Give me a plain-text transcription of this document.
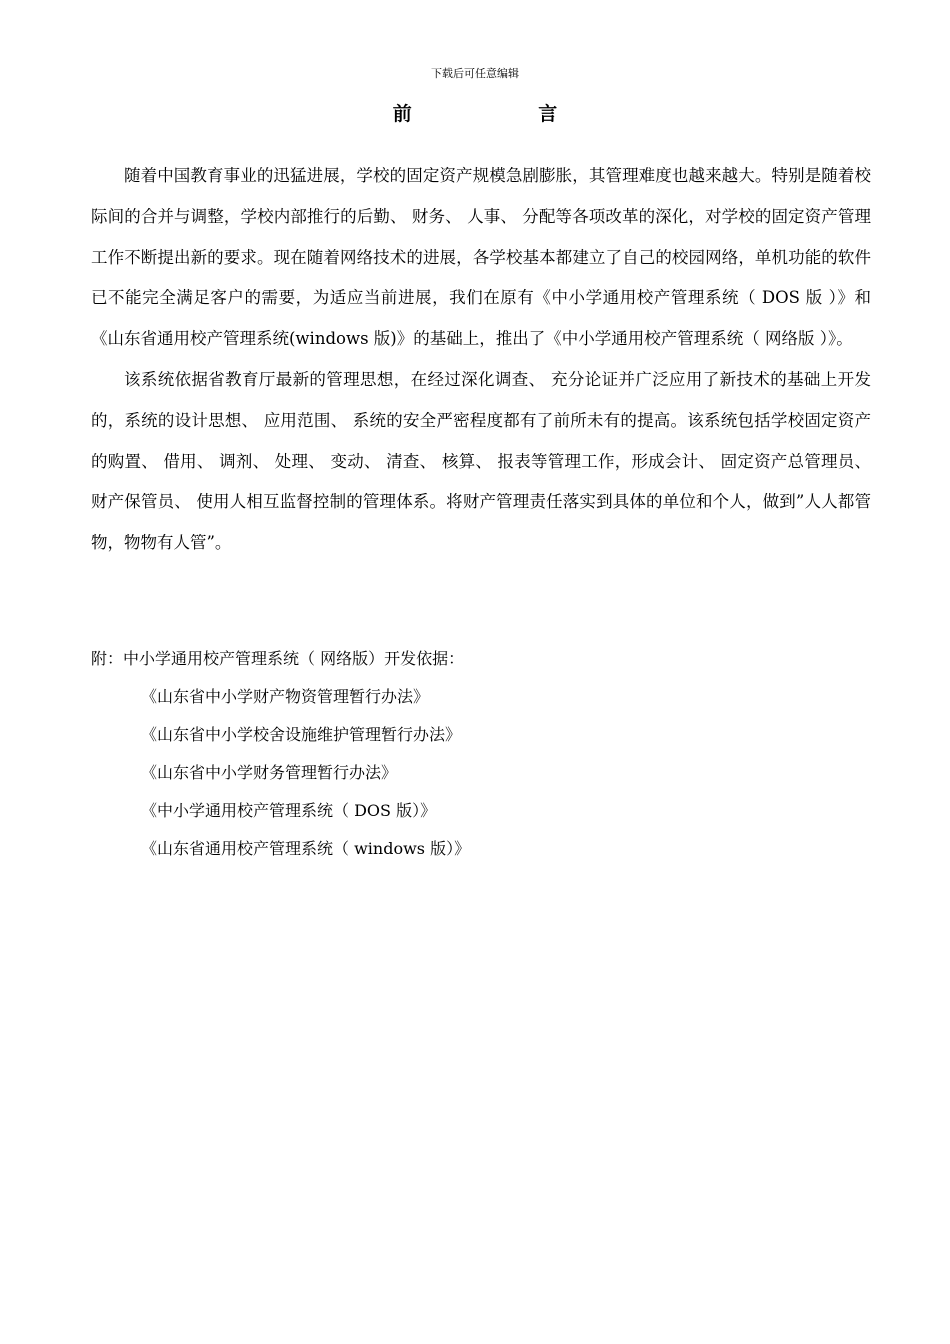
下载后可任意编辑
前 言

随着中国教育事业的迅猛进展，学校的固定资产规模急剧膨胀，其管理难度也越来越大。特别是随着校际间的合并与调整，学校内部推行的后勤、 财务、 人事、 分配等各项改革的深化，对学校的固定资产管理工作不断提出新的要求。现在随着网络技术的进展，各学校基本都建立了自己的校园网络，单机功能的软件已不能完全满足客户的需要，为适应当前进展，我们在原有《中小学通用校产管理系统（ DOS 版 ）》和《山东省通用校产管理系统(windows 版)》的基础上，推出了《中小学通用校产管理系统（ 网络版 ）》。

该系统依据省教育厅最新的管理思想，在经过深化调查、 充分论证并广泛应用了新技术的基础上开发的，系统的设计思想、 应用范围、 系统的安全严密程度都有了前所未有的提高。该系统包括学校固定资产的购置、 借用、 调剂、 处理、 变动、 清查、 核算、 报表等管理工作，形成会计、 固定资产总管理员、 财产保管员、 使用人相互监督控制的管理体系。将财产管理责任落实到具体的单位和个人，做到”人人都管物，物物有人管”。

附：中小学通用校产管理系统（ 网络版）开发依据：

《山东省中小学财产物资管理暂行办法》
《山东省中小学校舍设施维护管理暂行办法》
《山东省中小学财务管理暂行办法》
《中小学通用校产管理系统（ DOS 版）》
《山东省通用校产管理系统（ windows 版）》
